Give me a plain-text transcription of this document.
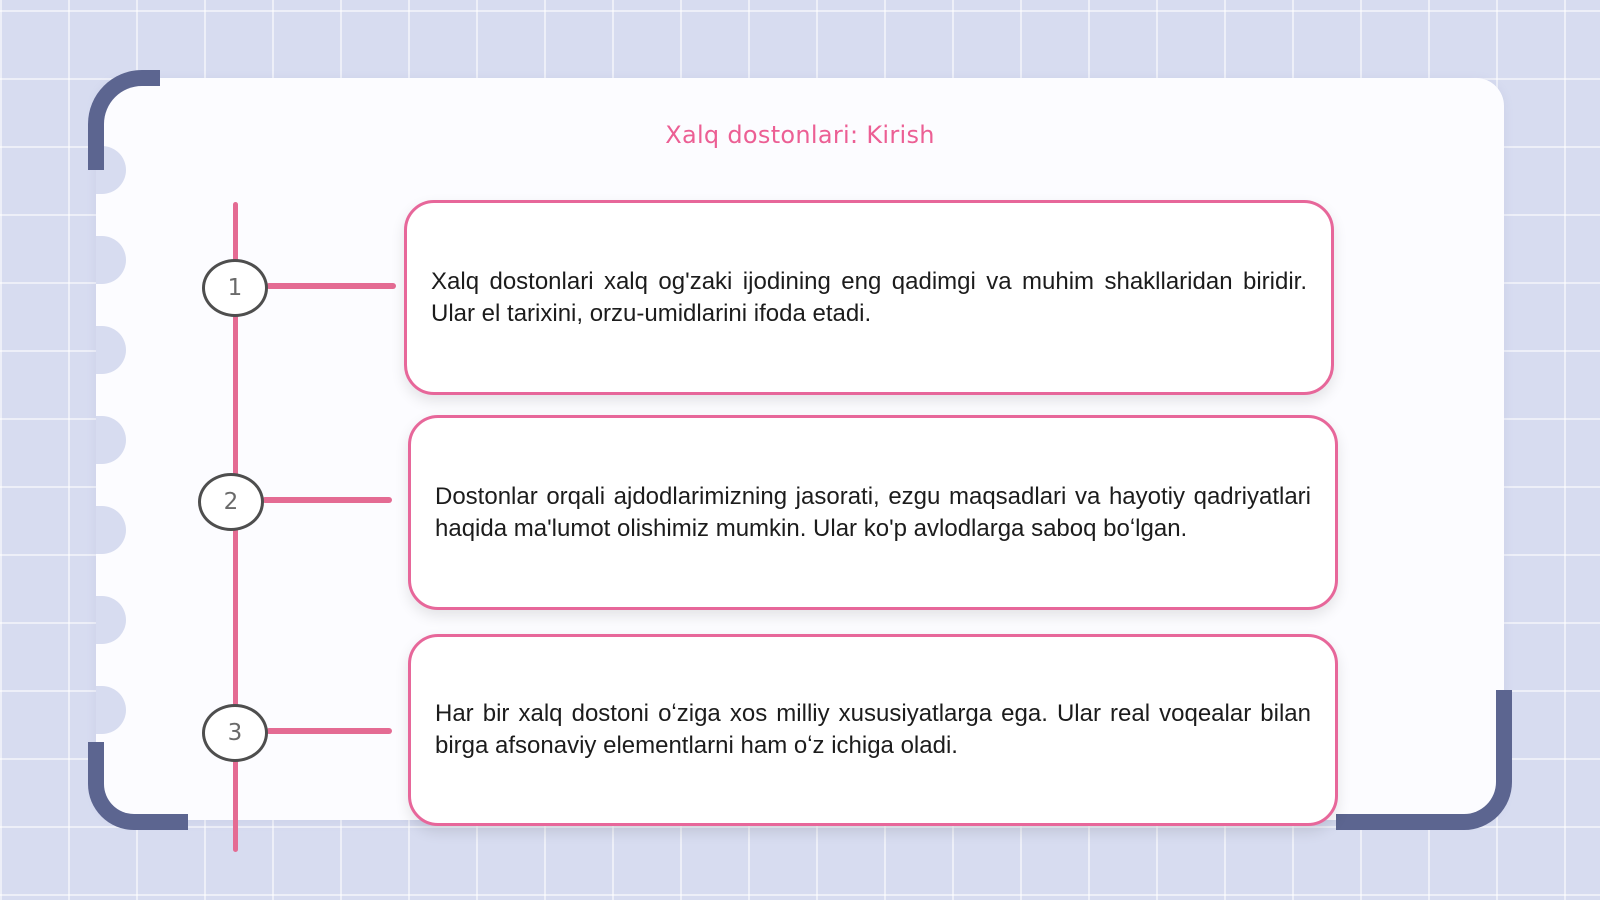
Xalq dostonlari: Kirish
1	Xalq dostonlari xalq og'zaki ijodining eng qadimgi va muhim shakllaridan biridir. Ular el tarixini, orzu-umidlarini ifoda etadi.

2	Dostonlar orqali ajdodlarimizning jasorati, ezgu maqsadlari va hayotiy qadriyatlari haqida ma'lumot olishimiz mumkin. Ular ko'p avlodlarga saboq boʻlgan.

3

Har bir xalq dostoni oʻziga xos milliy xususiyatlarga ega. Ular real voqealar bilan birga afsonaviy elementlarni ham oʻz ichiga oladi.
